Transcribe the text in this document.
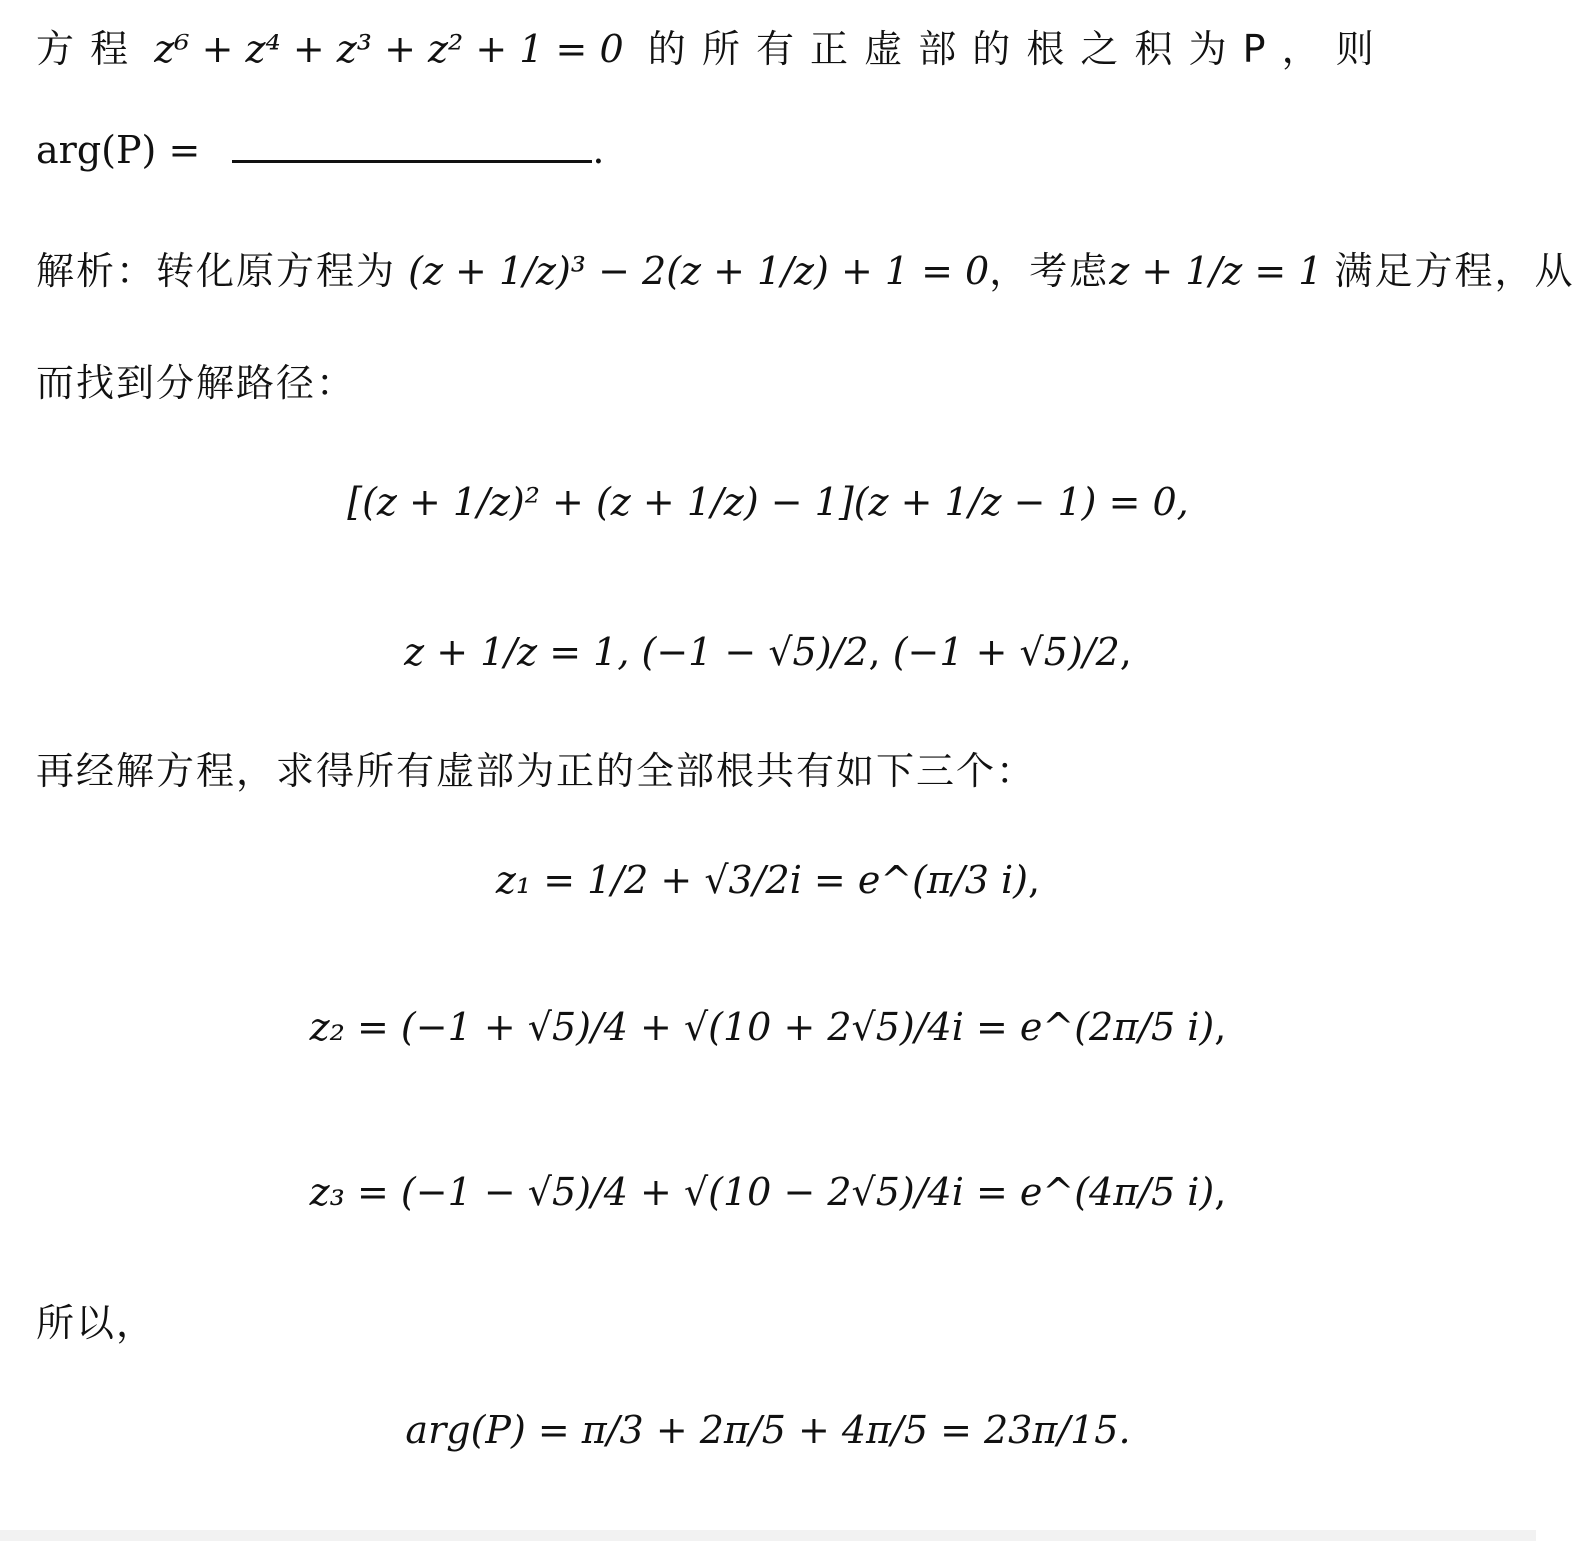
方 程 z⁶ + z⁴ + z³ + z² + 1 = 0 的 所 有 正 虚 部 的 根 之 积 为 P ， 则
arg(P) =	.
解析：转化原方程为 (z + 1/z)³ − 2(z + 1/z) + 1 = 0，考虑z + 1/z = 1 满足方程，从
而找到分解路径：
[(z + 1/z)² + (z + 1/z) − 1](z + 1/z − 1) = 0,
z + 1/z = 1, (−1 − √5)/2, (−1 + √5)/2,
再经解方程，求得所有虚部为正的全部根共有如下三个：
z₁ = 1/2 + √3/2i = e^(π/3 i),
z₂ = (−1 + √5)/4 + √(10 + 2√5)/4i = e^(2π/5 i),
z₃ = (−1 − √5)/4 + √(10 − 2√5)/4i = e^(4π/5 i),
所以，
arg(P) = π/3 + 2π/5 + 4π/5 = 23π/15.
